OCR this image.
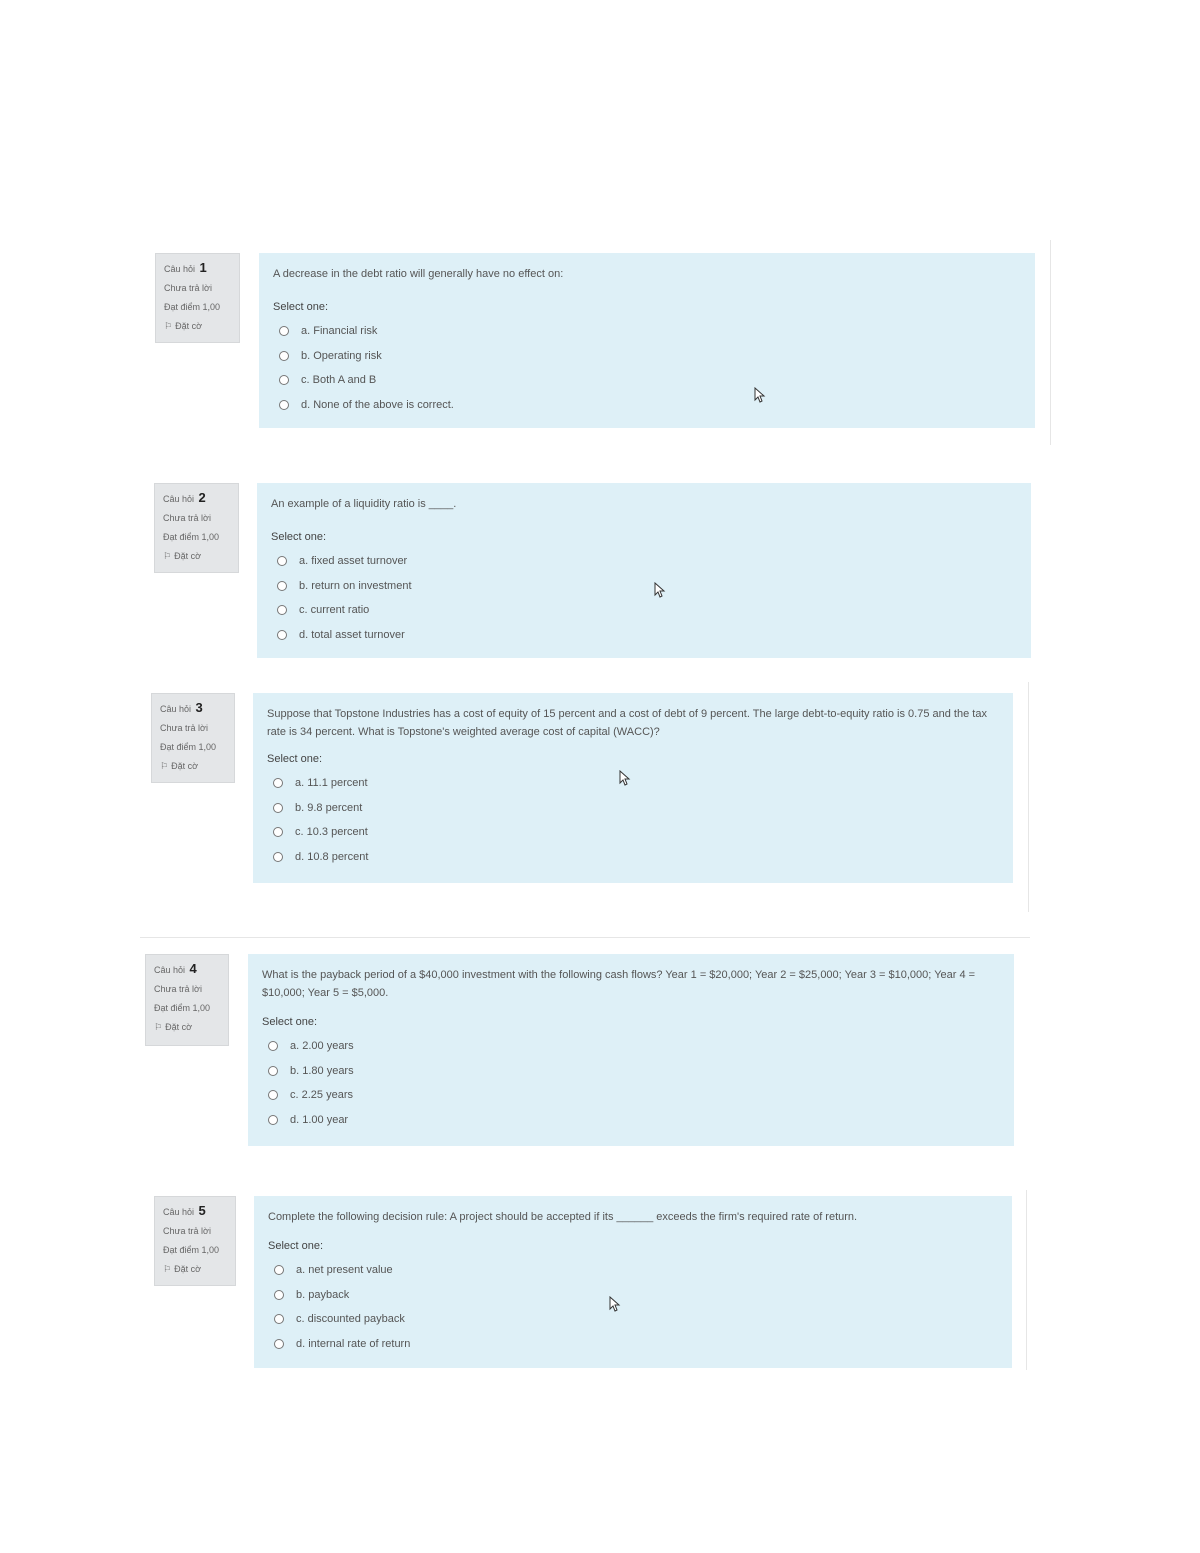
Câu hỏi 1
Chưa trả lời
Đạt điểm 1,00
⚐ Đặt cờ
A decrease in the debt ratio will generally have no effect on:
Select one:
a. Financial risk
b. Operating risk
c. Both A and B
d. None of the above is correct.
Câu hỏi 2
Chưa trả lời
Đạt điểm 1,00
⚐ Đặt cờ
An example of a liquidity ratio is ____.
Select one:
a. fixed asset turnover
b. return on investment
c. current ratio
d. total asset turnover
Câu hỏi 3
Chưa trả lời
Đạt điểm 1,00
⚐ Đặt cờ
Suppose that Topstone Industries has a cost of equity of 15 percent and a cost of debt of 9 percent. The large debt-to-equity ratio is 0.75 and the tax rate is 34 percent. What is Topstone's weighted average cost of capital (WACC)?
Select one:
a. 11.1 percent
b. 9.8 percent
c. 10.3 percent
d. 10.8 percent
Câu hỏi 4
Chưa trả lời
Đạt điểm 1,00
⚐ Đặt cờ
What is the payback period of a $40,000 investment with the following cash flows? Year 1 = $20,000; Year 2 = $25,000; Year 3 = $10,000; Year 4 = $10,000; Year 5 = $5,000.
Select one:
a. 2.00 years
b. 1.80 years
c. 2.25 years
d. 1.00 year
Câu hỏi 5
Chưa trả lời
Đạt điểm 1,00
⚐ Đặt cờ
Complete the following decision rule: A project should be accepted if its ______ exceeds the firm's required rate of return.
Select one:
a. net present value
b. payback
c. discounted payback
d. internal rate of return
